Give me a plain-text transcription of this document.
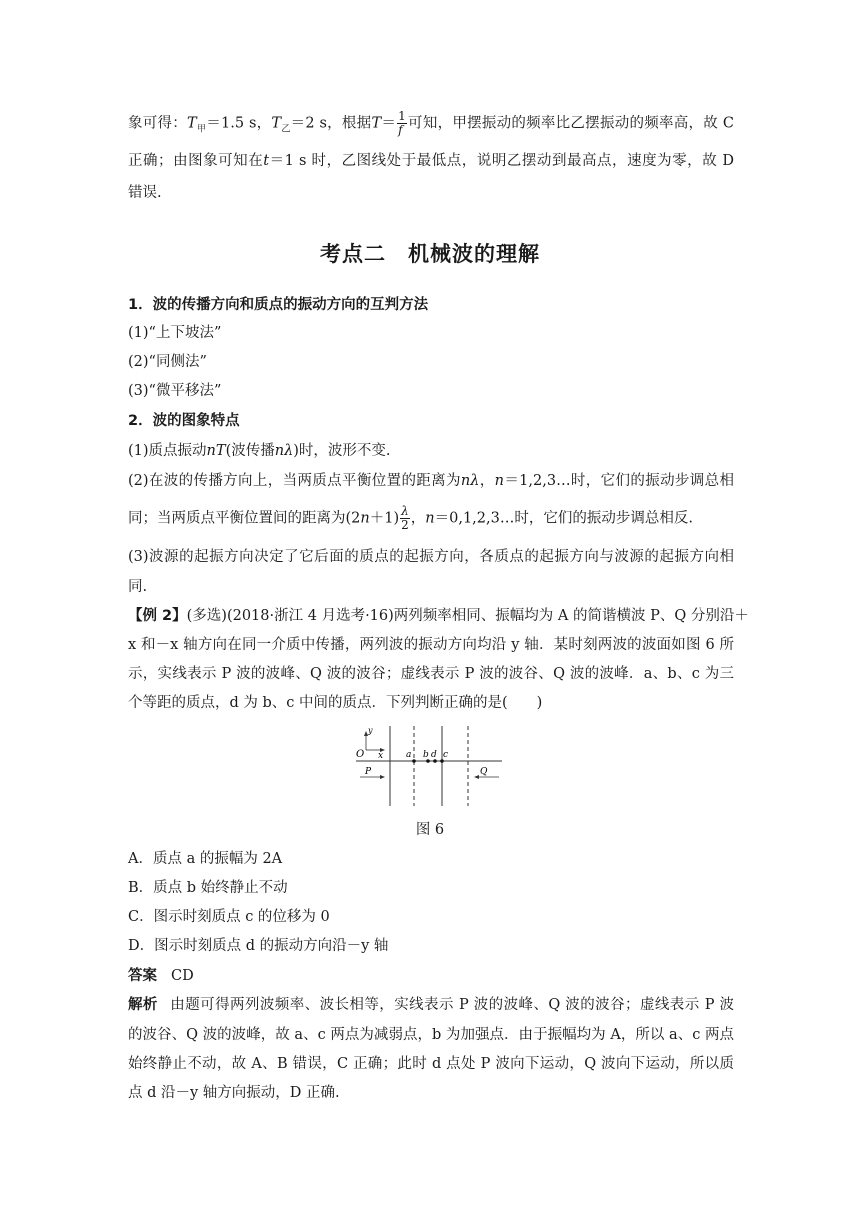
象可得：$T_甲=1.5$ s，$T_乙=2$ s，根据$T= \frac{1}{f}$ 可知，甲摆振动的频率比乙摆振动的频率高，故 C
正确；由图象可知在t＝1 s 时，乙图线处于最低点，说明乙摆动到最高点，速度为零，故 D
错误.
考点二　机械波的理解
1．波的传播方向和质点的振动方向的互判方法
(1)“上下坡法”
(2)“同侧法”
(3)“微平移法”
2．波的图象特点
(1)质点振动nT(波传播nλ)时，波形不变.
(2)在波的传播方向上，当两质点平衡位置的距离为nλ，n＝1,2,3…时，它们的振动步调总相
同；当两质点平衡位置间的距离为$(2n+1) \frac{\lambda}{2}$ ，n＝0,1,2,3…时，它们的振动步调总相反.
(3)波源的起振方向决定了它后面的质点的起振方向，各质点的起振方向与波源的起振方向相
同.
【例 2】(多选)(2018·浙江 4 月选考·16)两列频率相同、振幅均为 A 的简谐横波 P、Q 分别沿＋
x 和－x 轴方向在同一介质中传播，两列波的振动方向均沿 y 轴．某时刻两波的波面如图 6 所
示，实线表示 P 波的波峰、Q 波的波谷；虚线表示 P 波的波谷、Q 波的波峰．a、b、c 为三
个等距的质点，d 为 b、c 中间的质点．下列判断正确的是(　　)
O
y
x	a b d c
P	Q
图 6
A．质点 a 的振幅为 2A
B．质点 b 始终静止不动
C．图示时刻质点 c 的位移为 0
D．图示时刻质点 d 的振动方向沿－y 轴
答案 CD
解析 由题可得两列波频率、波长相等，实线表示 P 波的波峰、Q 波的波谷；虚线表示 P 波
的波谷、Q 波的波峰，故 a、c 两点为减弱点，b 为加强点．由于振幅均为 A，所以 a、c 两点
始终静止不动，故 A、B 错误，C 正确；此时 d 点处 P 波向下运动，Q 波向下运动，所以质
点 d 沿－y 轴方向振动，D 正确.
